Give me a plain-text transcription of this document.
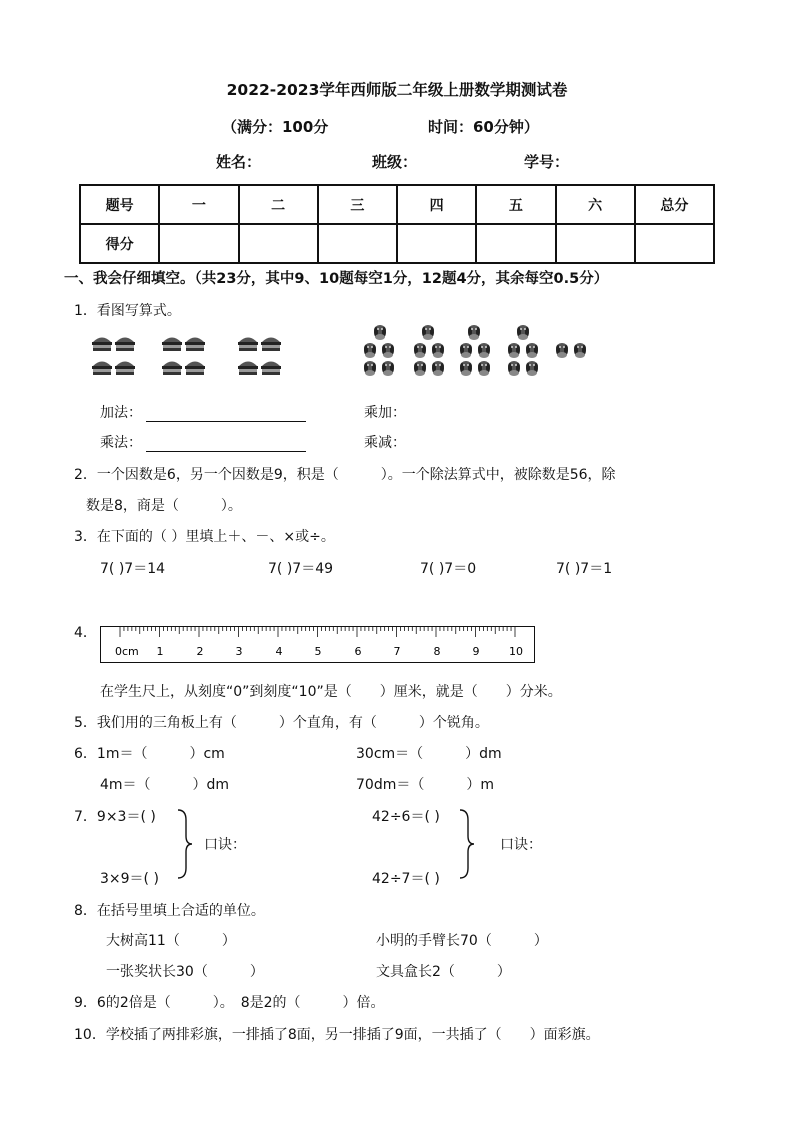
2022-2023学年西师版二年级上册数学期测试卷
（满分：100分	时间：60分钟）
姓名：	班级：	学号：
题号	一	二	三	四	五	六	总分
得分							
一、我会仔细填空。（共23分，其中9、10题每空1分，12题4分，其余每空0.5分）
1．看图写算式。
加法：	乘加：
乘法：	乘减：
2．一个因数是6，另一个因数是9，积是（　　　）。一个除法算式中，被除数是56，除
数是8，商是（　　　）。
3．在下面的（ ）里填上＋、－、×或÷。
7( )7＝14	7( )7＝49	7( )7＝0	7( )7＝1
4．
0cm 1	2	3	4	5	6	7	8	9	10
在学生尺上，从刻度“0”到刻度“10”是（　　）厘米，就是（　　）分米。
5．我们用的三角板上有（　　　）个直角，有（　　　）个锐角。
6．1m＝（　　　）cm	30cm＝（　　　）dm
4m＝（　　　）dm	70dm＝（　　　）m
7．9×3＝( )
3×9＝( )
口诀：
42÷6＝( )
42÷7＝( )
口诀：
8．在括号里填上合适的单位。
大树高11（　　　）	小明的手臂长70（　　　）
一张奖状长30（　　　）	文具盒长2（　　　）
9．6的2倍是（　　　）。　8是2的（　　　）倍。
10．学校插了两排彩旗，一排插了8面，另一排插了9面，一共插了（　　）面彩旗。
